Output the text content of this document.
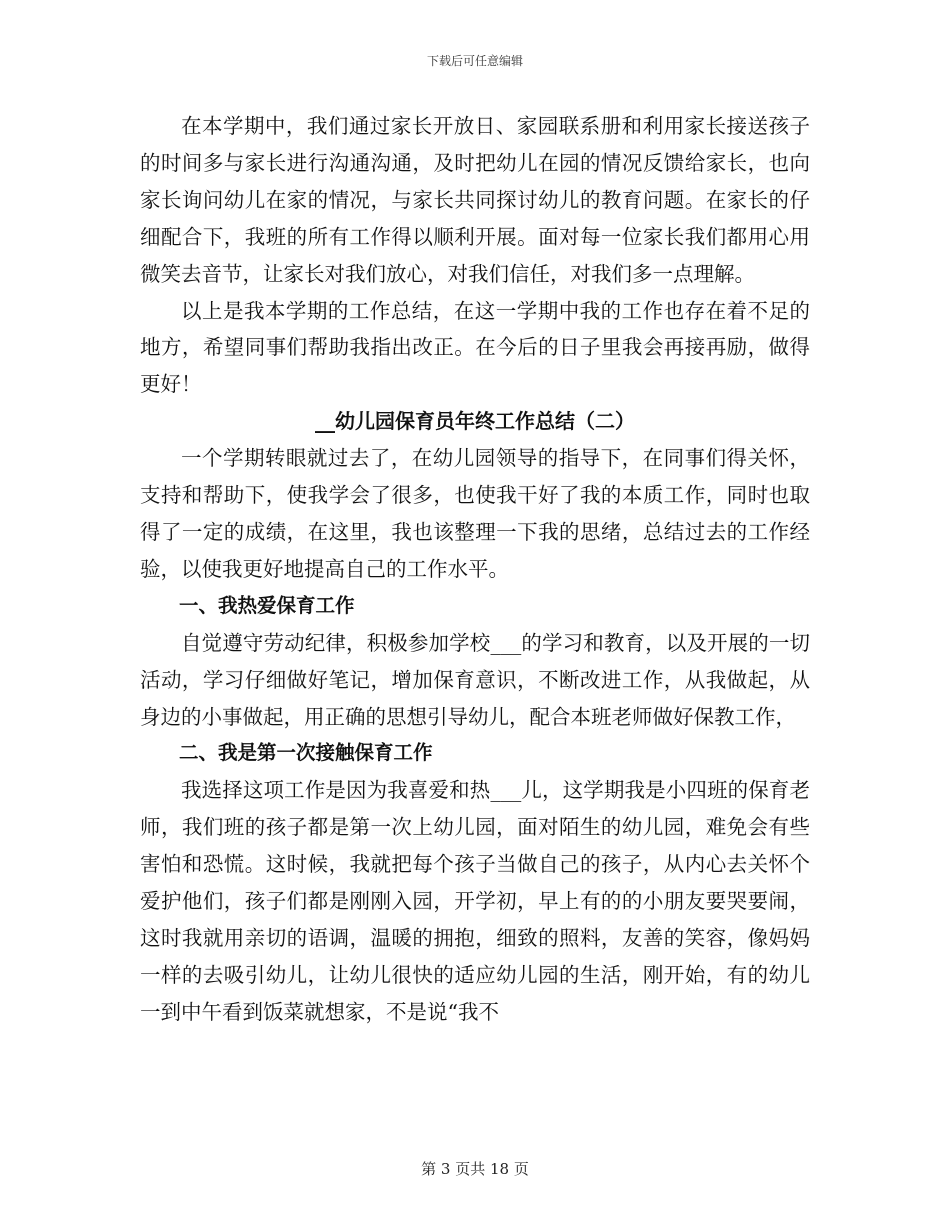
下载后可任意编辑

在本学期中，我们通过家长开放日、家园联系册和利用家长接送孩子的时间多与家长进行沟通沟通，及时把幼儿在园的情况反馈给家长，也向家长询问幼儿在家的情况，与家长共同探讨幼儿的教育问题。在家长的仔细配合下，我班的所有工作得以顺利开展。面对每一位家长我们都用心用微笑去音节，让家长对我们放心，对我们信任，对我们多一点理解。

以上是我本学期的工作总结，在这一学期中我的工作也存在着不足的地方，希望同事们帮助我指出改正。在今后的日子里我会再接再励，做得更好！

__幼儿园保育员年终工作总结（二）

一个学期转眼就过去了，在幼儿园领导的指导下，在同事们得关怀，支持和帮助下，使我学会了很多，也使我干好了我的本质工作，同时也取得了一定的成绩，在这里，我也该整理一下我的思绪，总结过去的工作经验，以使我更好地提高自己的工作水平。

一、我热爱保育工作

自觉遵守劳动纪律，积极参加学校___的学习和教育，以及开展的一切活动，学习仔细做好笔记，增加保育意识，不断改进工作，从我做起，从身边的小事做起，用正确的思想引导幼儿，配合本班老师做好保教工作，

二、我是第一次接触保育工作

我选择这项工作是因为我喜爱和热___儿，这学期我是小四班的保育老师，我们班的孩子都是第一次上幼儿园，面对陌生的幼儿园，难免会有些害怕和恐慌。这时候，我就把每个孩子当做自己的孩子，从内心去关怀个爱护他们，孩子们都是刚刚入园，开学初，早上有的的小朋友要哭要闹，这时我就用亲切的语调，温暖的拥抱，细致的照料，友善的笑容，像妈妈一样的去吸引幼儿，让幼儿很快的适应幼儿园的生活，刚开始，有的幼儿一到中午看到饭菜就想家，不是说“我不

第 3 页共 18 页
